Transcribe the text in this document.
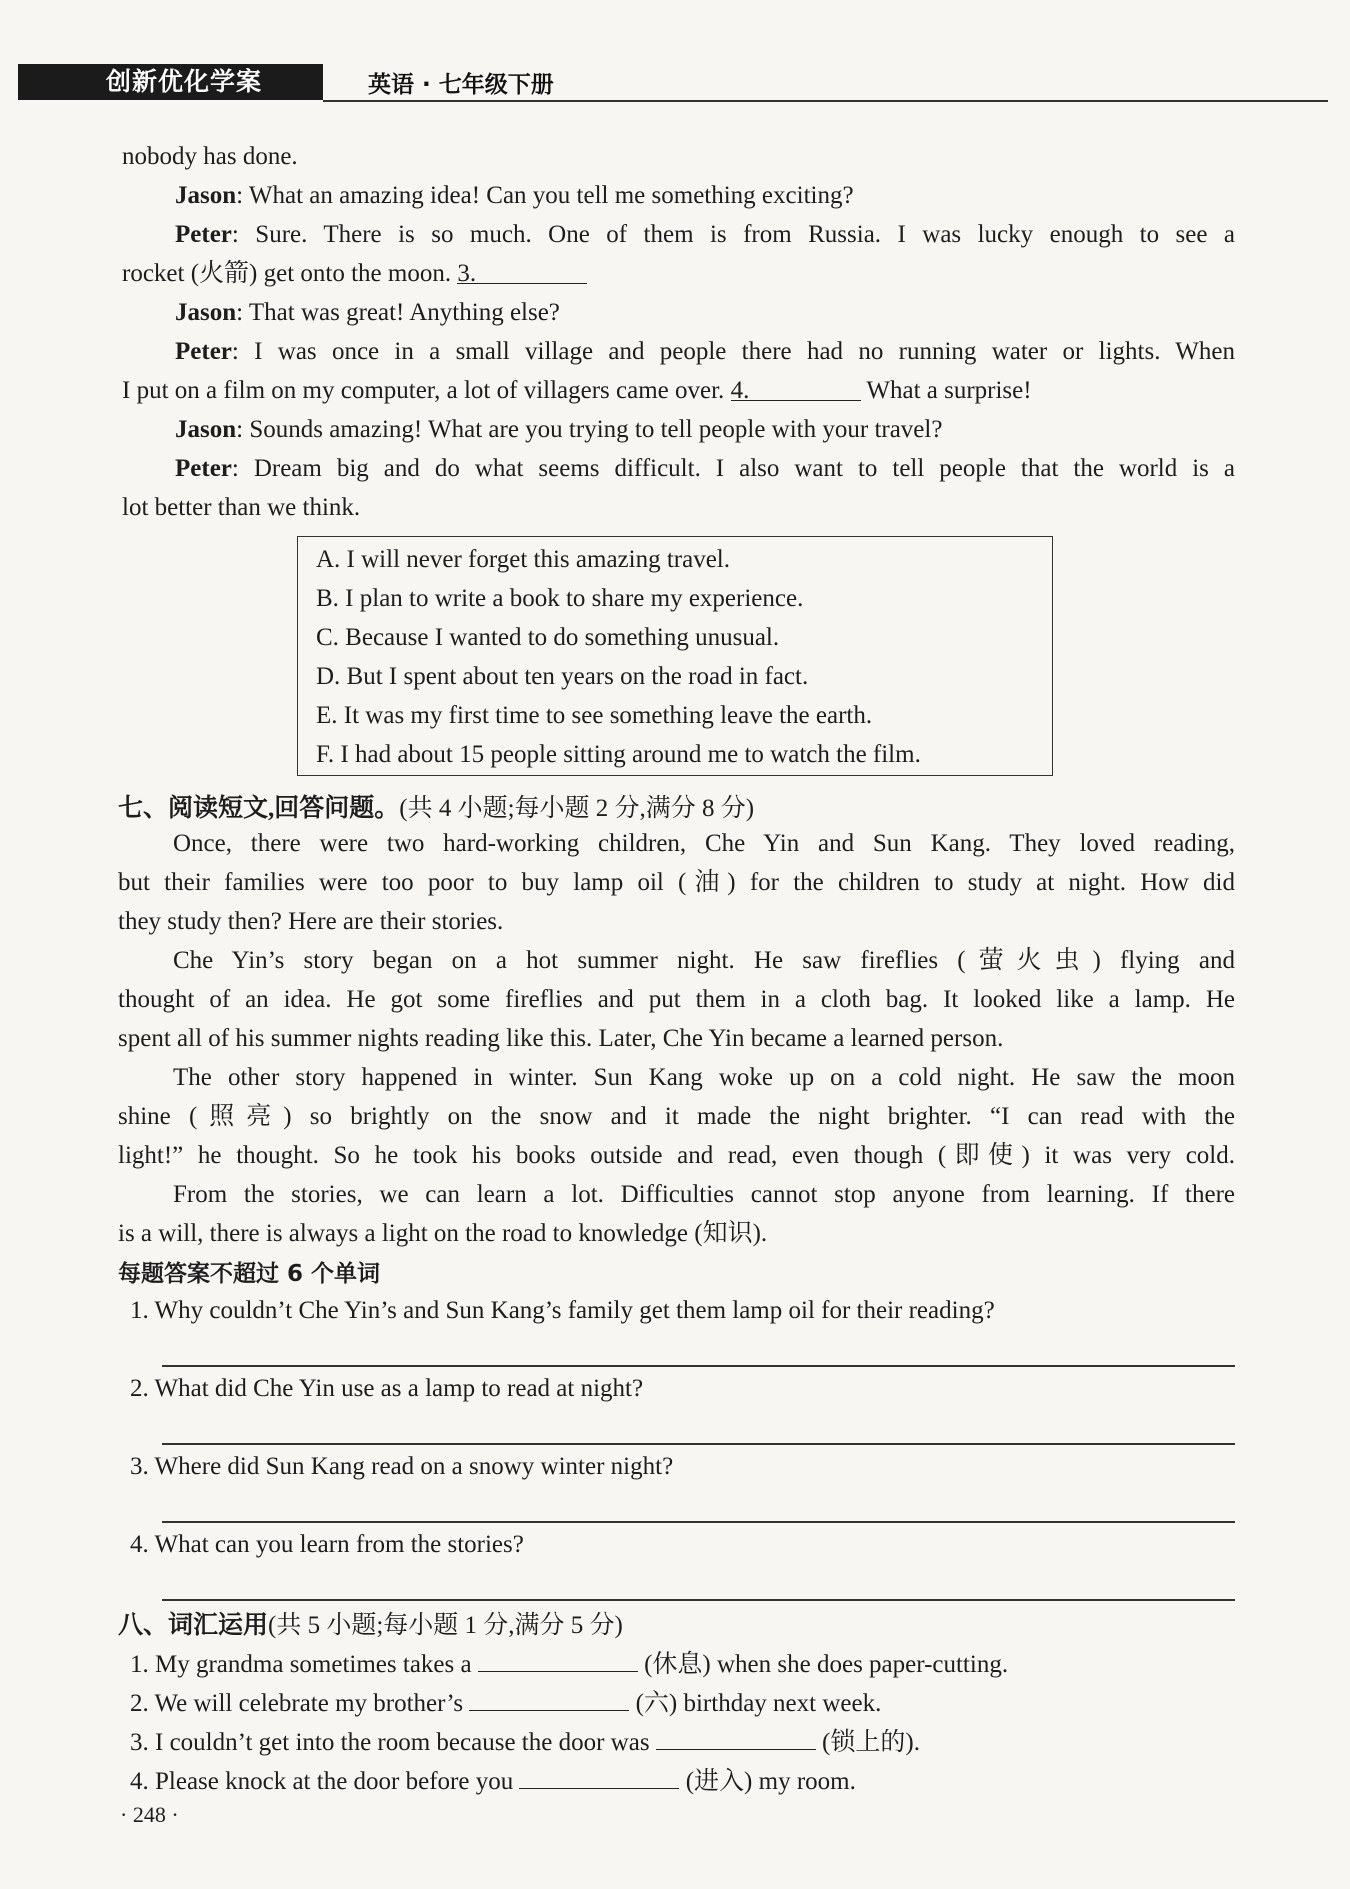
创新优化学案	英语 · 七年级下册
nobody has done.
Jason: What an amazing idea! Can you tell me something exciting?
Peter: Sure. There is so much. One of them is from Russia. I was lucky enough to see a
rocket (火箭) get onto the moon. 3.
Jason: That was great! Anything else?
Peter: I was once in a small village and people there had no running water or lights. When
I put on a film on my computer, a lot of villagers came over. 4.	What a surprise!
Jason: Sounds amazing! What are you trying to tell people with your travel?
Peter: Dream big and do what seems difficult. I also want to tell people that the world is a
lot better than we think.
A. I will never forget this amazing travel.
B. I plan to write a book to share my experience.
C. Because I wanted to do something unusual.
D. But I spent about ten years on the road in fact.
E. It was my first time to see something leave the earth.
F. I had about 15 people sitting around me to watch the film.
七、阅读短文,回答问题。(共 4 小题;每小题 2 分,满分 8 分)
Once, there were two hard-working children, Che Yin and Sun Kang. They loved reading,
but their families were too poor to buy lamp oil (油) for the children to study at night. How did
they study then? Here are their stories.
Che Yin’s story began on a hot summer night. He saw fireflies (萤火虫) flying and
thought of an idea. He got some fireflies and put them in a cloth bag. It looked like a lamp. He
spent all of his summer nights reading like this. Later, Che Yin became a learned person.
The other story happened in winter. Sun Kang woke up on a cold night. He saw the moon
shine (照亮) so brightly on the snow and it made the night brighter. “I can read with the
light!” he thought. So he took his books outside and read, even though (即使) it was very cold.
From the stories, we can learn a lot. Difficulties cannot stop anyone from learning. If there
is a will, there is always a light on the road to knowledge (知识).
每题答案不超过 6 个单词
1. Why couldn’t Che Yin’s and Sun Kang’s family get them lamp oil for their reading?
2. What did Che Yin use as a lamp to read at night?
3. Where did Sun Kang read on a snowy winter night?
4. What can you learn from the stories?
八、词汇运用(共 5 小题;每小题 1 分,满分 5 分)
1. My grandma sometimes takes a	(休息) when she does paper-cutting.
2. We will celebrate my brother’s	(六) birthday next week.
3. I couldn’t get into the room because the door was	(锁上的).
4. Please knock at the door before you	(进入) my room.
· 248 ·
